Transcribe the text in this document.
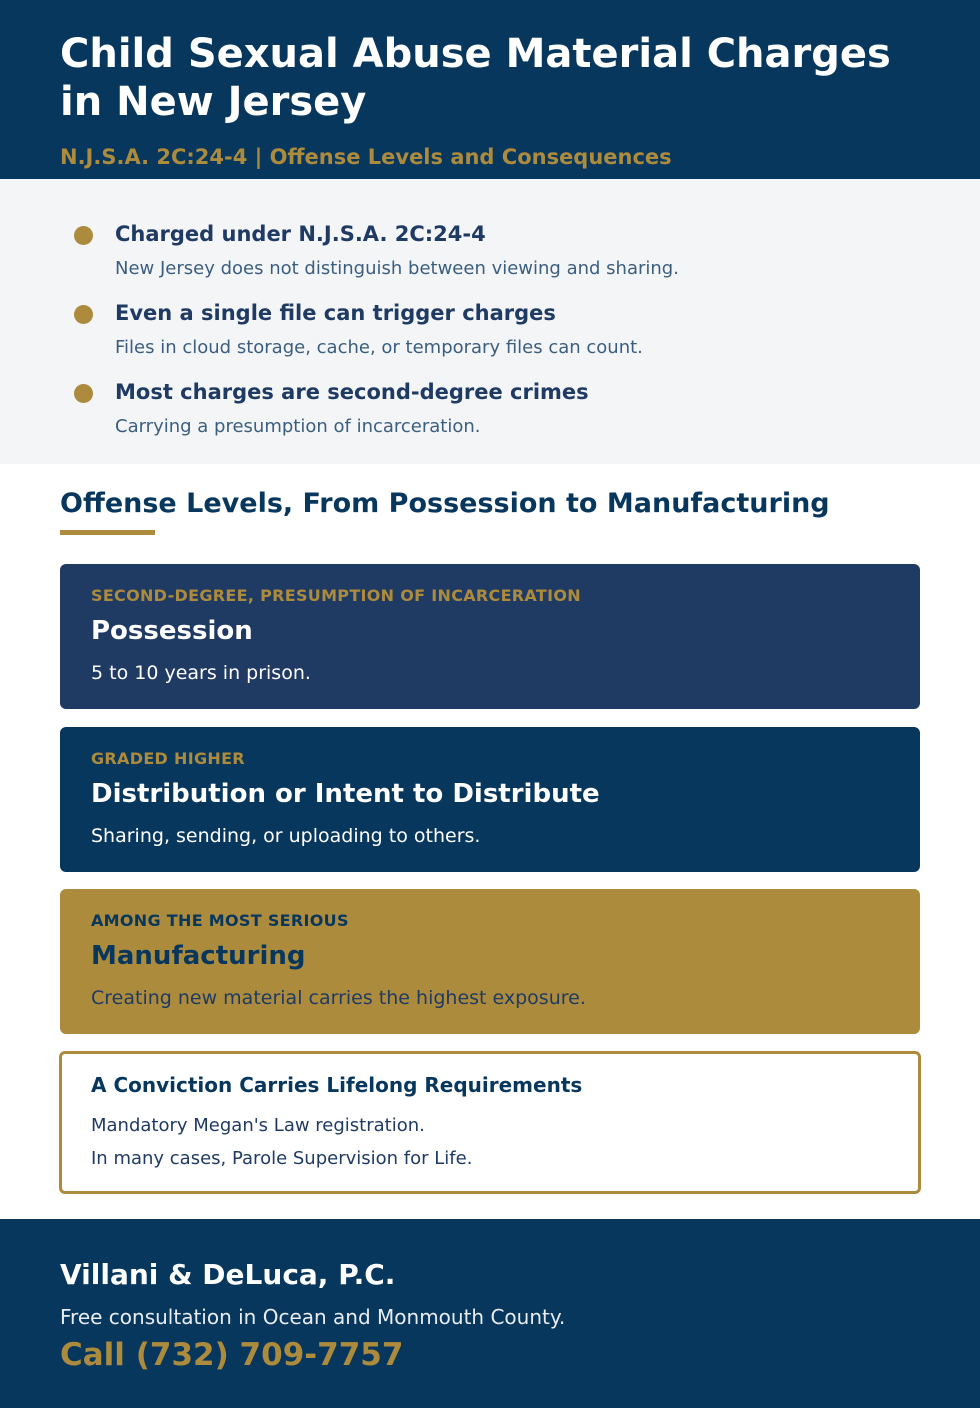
Child Sexual Abuse Material Charges in New Jersey
N.J.S.A. 2C:24-4 | Offense Levels and Consequences
Charged under N.J.S.A. 2C:24-4
New Jersey does not distinguish between viewing and sharing.
Even a single file can trigger charges
Files in cloud storage, cache, or temporary files can count.
Most charges are second-degree crimes
Carrying a presumption of incarceration.
Offense Levels, From Possession to Manufacturing
SECOND-DEGREE, PRESUMPTION OF INCARCERATION
Possession
5 to 10 years in prison.
GRADED HIGHER
Distribution or Intent to Distribute
Sharing, sending, or uploading to others.
AMONG THE MOST SERIOUS
Manufacturing
Creating new material carries the highest exposure.
A Conviction Carries Lifelong Requirements
Mandatory Megan's Law registration.
In many cases, Parole Supervision for Life.
Villani & DeLuca, P.C.
Free consultation in Ocean and Monmouth County.
Call (732) 709-7757
